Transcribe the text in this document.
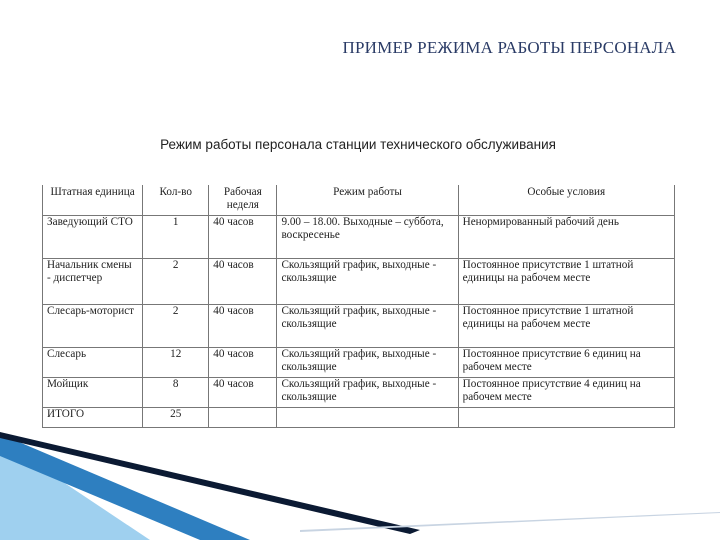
ПРИМЕР РЕЖИМА РАБОТЫ ПЕРСОНАЛА
Режим работы персонала станции технического обслуживания
Штатная единица	Кол-во	Рабочая неделя	Режим работы	Особые условия

Заведующий СТО	1	40 часов	9.00 – 18.00. Выходные – суббота, воскресенье	Ненормированный рабочий день

Начальник смены - диспетчер	2	40 часов	Скользящий график, выходные - скользящие	Постоянное присутствие 1 штатной единицы на рабочем месте

Слесарь-моторист	2	40 часов	Скользящий график, выходные - скользящие	Постоянное присутствие 1 штатной единицы на рабочем месте

Слесарь	12	40 часов	Скользящий график, выходные - скользящие	Постоянное присутствие 6 единиц на рабочем месте

Мойщик	8	40 часов	Скользящий график, выходные - скользящие	Постоянное присутствие 4 единиц на рабочем месте

ИТОГО	25			
